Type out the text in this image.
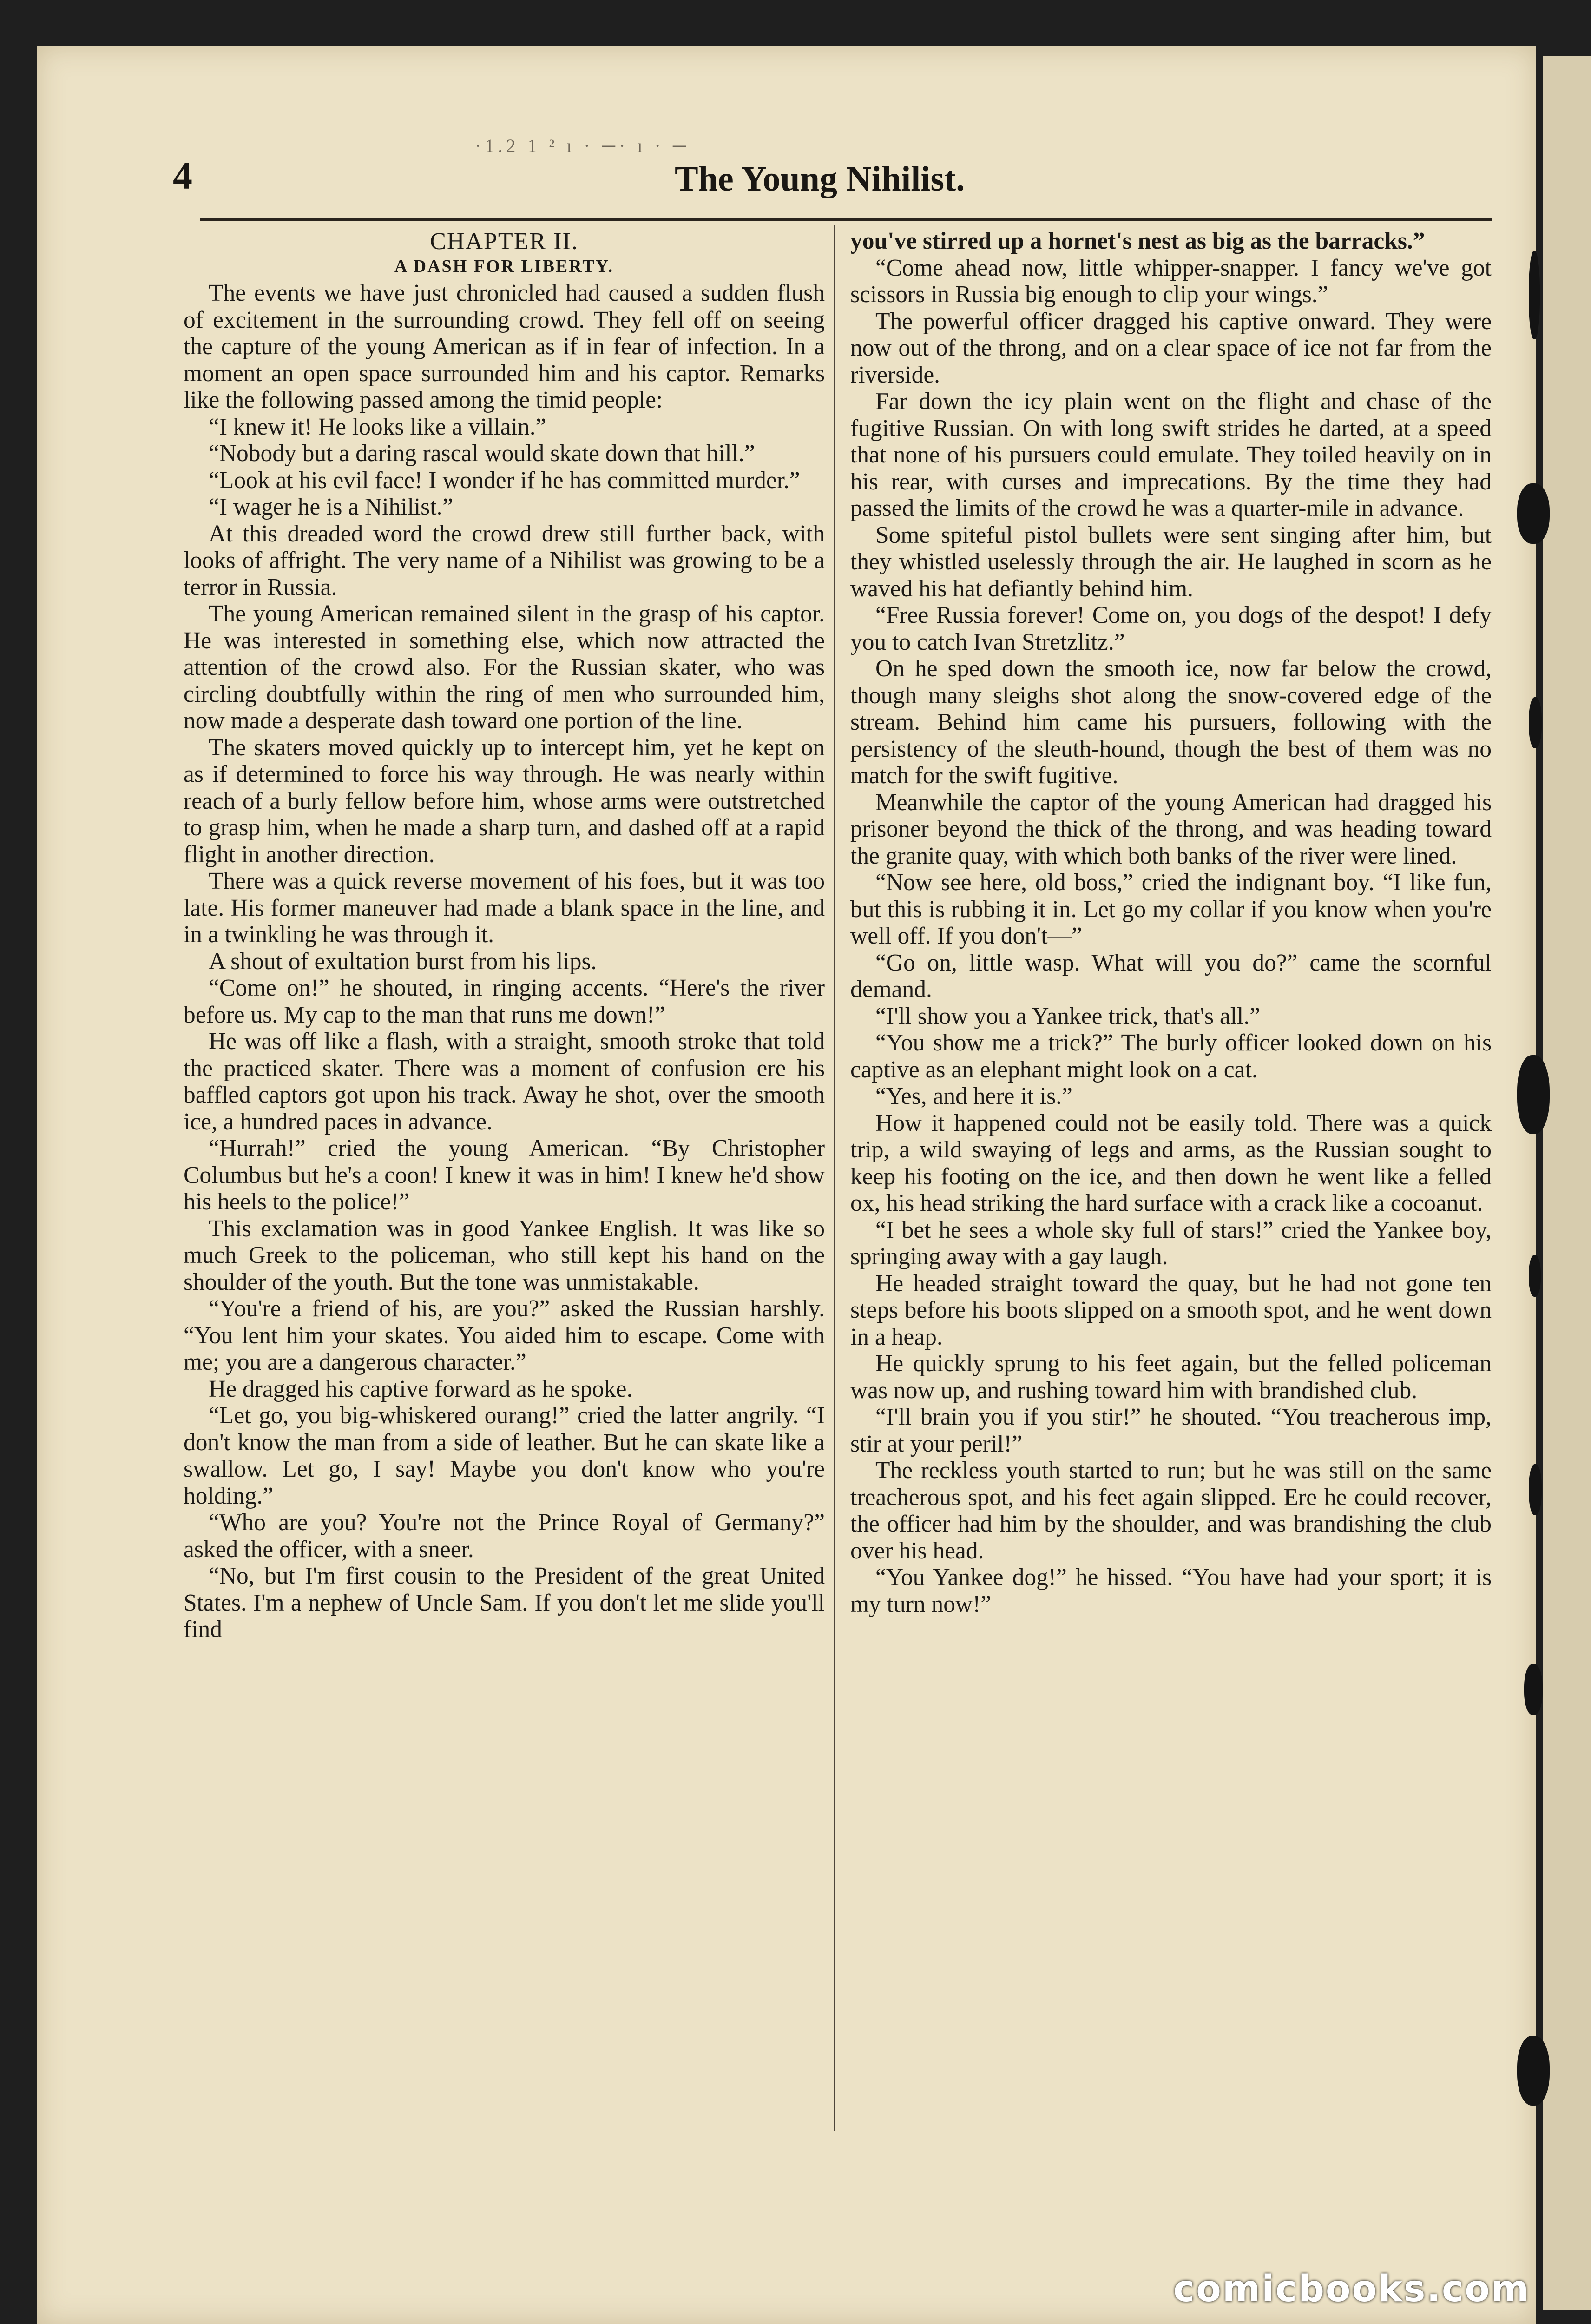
4
·1.2 1 ² ı · ─· ı · ─
The Young Nihilist.
CHAPTER II.
A DASH FOR LIBERTY.

The events we have just chronicled had caused a sudden flush of excitement in the surrounding crowd. They fell off on seeing the capture of the young American as if in fear of infection. In a moment an open space surrounded him and his captor. Remarks like the following passed among the timid people:

“I knew it! He looks like a villain.”

“Nobody but a daring rascal would skate down that hill.”

“Look at his evil face! I wonder if he has committed murder.”

“I wager he is a Nihilist.”

At this dreaded word the crowd drew still further back, with looks of affright. The very name of a Nihilist was growing to be a terror in Russia.

The young American remained silent in the grasp of his captor. He was interested in something else, which now attracted the attention of the crowd also. For the Russian skater, who was circling doubtfully within the ring of men who surrounded him, now made a desperate dash toward one portion of the line.

The skaters moved quickly up to intercept him, yet he kept on as if determined to force his way through. He was nearly within reach of a burly fellow before him, whose arms were outstretched to grasp him, when he made a sharp turn, and dashed off at a rapid flight in another direction.

There was a quick reverse movement of his foes, but it was too late. His former maneuver had made a blank space in the line, and in a twinkling he was through it.

A shout of exultation burst from his lips.

“Come on!” he shouted, in ringing accents. “Here's the river before us. My cap to the man that runs me down!”

He was off like a flash, with a straight, smooth stroke that told the practiced skater. There was a moment of confusion ere his baffled captors got upon his track. Away he shot, over the smooth ice, a hundred paces in advance.

“Hurrah!” cried the young American. “By Christopher Columbus but he's a coon! I knew it was in him! I knew he'd show his heels to the police!”

This exclamation was in good Yankee English. It was like so much Greek to the policeman, who still kept his hand on the shoulder of the youth. But the tone was unmistakable.

“You're a friend of his, are you?” asked the Russian harshly. “You lent him your skates. You aided him to escape. Come with me; you are a dangerous character.”

He dragged his captive forward as he spoke.

“Let go, you big-whiskered ourang!” cried the latter angrily. “I don't know the man from a side of leather. But he can skate like a swallow. Let go, I say! Maybe you don't know who you're holding.”

“Who are you? You're not the Prince Royal of Germany?” asked the officer, with a sneer.

“No, but I'm first cousin to the President of the great United States. I'm a nephew of Uncle Sam. If you don't let me slide you'll find

you've stirred up a hornet's nest as big as the barracks.”

“Come ahead now, little whipper-snapper. I fancy we've got scissors in Russia big enough to clip your wings.”

The powerful officer dragged his captive onward. They were now out of the throng, and on a clear space of ice not far from the riverside.

Far down the icy plain went on the flight and chase of the fugitive Russian. On with long swift strides he darted, at a speed that none of his pursuers could emulate. They toiled heavily on in his rear, with curses and imprecations. By the time they had passed the limits of the crowd he was a quarter-mile in advance.

Some spiteful pistol bullets were sent singing after him, but they whistled uselessly through the air. He laughed in scorn as he waved his hat defiantly behind him.

“Free Russia forever! Come on, you dogs of the despot! I defy you to catch Ivan Stretzlitz.”

On he sped down the smooth ice, now far below the crowd, though many sleighs shot along the snow-covered edge of the stream. Behind him came his pursuers, following with the persistency of the sleuth-hound, though the best of them was no match for the swift fugitive.

Meanwhile the captor of the young American had dragged his prisoner beyond the thick of the throng, and was heading toward the granite quay, with which both banks of the river were lined.

“Now see here, old boss,” cried the indignant boy. “I like fun, but this is rubbing it in. Let go my collar if you know when you're well off. If you don't—”

“Go on, little wasp. What will you do?” came the scornful demand.

“I'll show you a Yankee trick, that's all.”

“You show me a trick?” The burly officer looked down on his captive as an elephant might look on a cat.

“Yes, and here it is.”

How it happened could not be easily told. There was a quick trip, a wild swaying of legs and arms, as the Russian sought to keep his footing on the ice, and then down he went like a felled ox, his head striking the hard surface with a crack like a cocoanut.

“I bet he sees a whole sky full of stars!” cried the Yankee boy, springing away with a gay laugh.

He headed straight toward the quay, but he had not gone ten steps before his boots slipped on a smooth spot, and he went down in a heap.

He quickly sprung to his feet again, but the felled policeman was now up, and rushing toward him with brandished club.

“I'll brain you if you stir!” he shouted. “You treacherous imp, stir at your peril!”

The reckless youth started to run; but he was still on the same treacherous spot, and his feet again slipped. Ere he could recover, the officer had him by the shoulder, and was brandishing the club over his head.

“You Yankee dog!” he hissed. “You have had your sport; it is my turn now!”

comicbooks.com
